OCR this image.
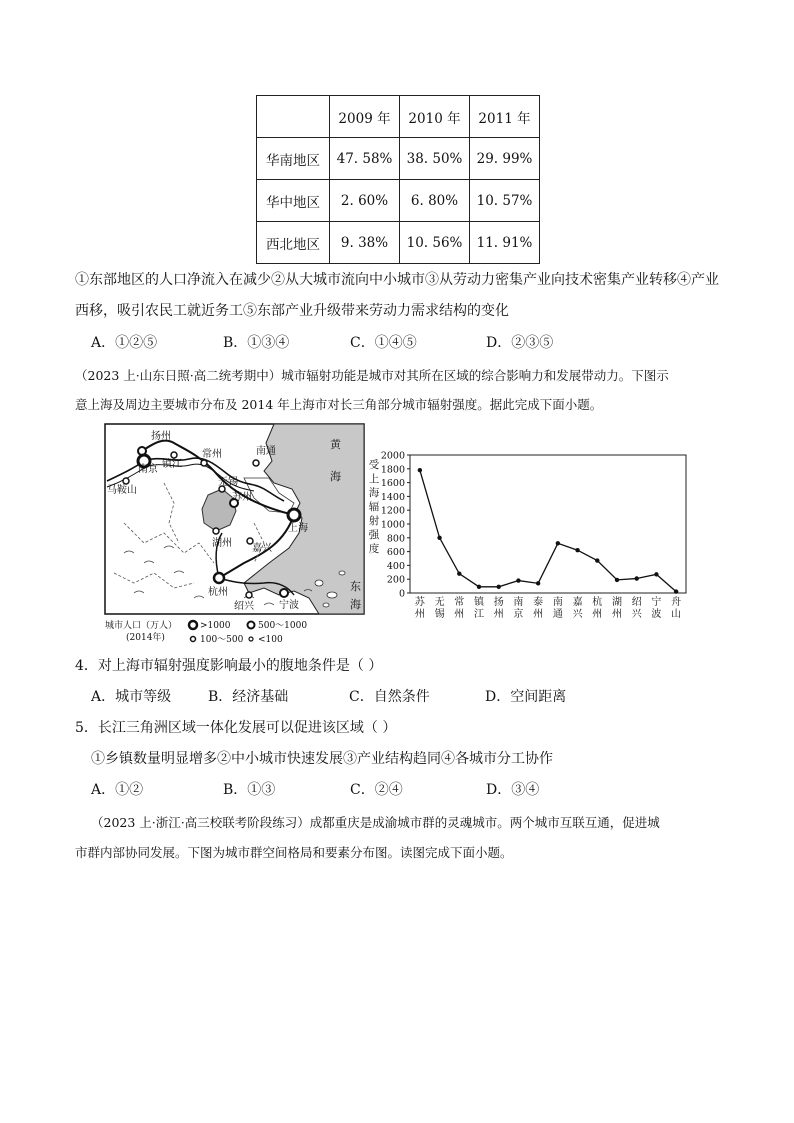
	2009 年	2010 年	2011 年
华南地区	47. 58%	38. 50%	29. 99%
华中地区	2. 60%	6. 80%	10. 57%
西北地区	9. 38%	10. 56%	11. 91%
①东部地区的人口净流入在减少②从大城市流向中小城市③从劳动力密集产业向技术密集产业转移④产业
西移，吸引农民工就近务工⑤东部产业升级带来劳动力需求结构的变化
A．①②⑤	B．①③④	C．①④⑤	D．②③⑤
（2023 上·山东日照·高二统考期中）城市辐射功能是城市对其所在区域的综合影响力和发展带动力。下图示
意上海及周边主要城市分布及 2014 年上海市对长三角部分城市辐射强度。据此完成下面小题。
扬州
南京 镇江
常州	南通
马鞍山
无锡
苏州
上海
湖州 嘉兴
杭州
绍兴	宁波
黄
海
东
海
城市人口（万人）
(2014年)
>1000	500～1000
100～500 <100
0
200
400
600
800
1000
1200
1400
1600
1800
2000
受
上
海
辐
射
强
度
苏
州
无
锡
常
州
镇
江
扬
州
南
京
泰
州
南
通
嘉
兴
杭
州
湖
州
绍
兴
宁
波
舟
山
4．对上海市辐射强度影响最小的腹地条件是（ ）
A．城市等级	B．经济基础	C．自然条件	D．空间距离
5．长江三角洲区域一体化发展可以促进该区域（ ）
①乡镇数量明显增多②中小城市快速发展③产业结构趋同④各城市分工协作
A．①②	B．①③	C．②④	D．③④
（2023 上·浙江·高三校联考阶段练习）成都重庆是成渝城市群的灵魂城市。两个城市互联互通，促进城
市群内部协同发展。下图为城市群空间格局和要素分布图。读图完成下面小题。
